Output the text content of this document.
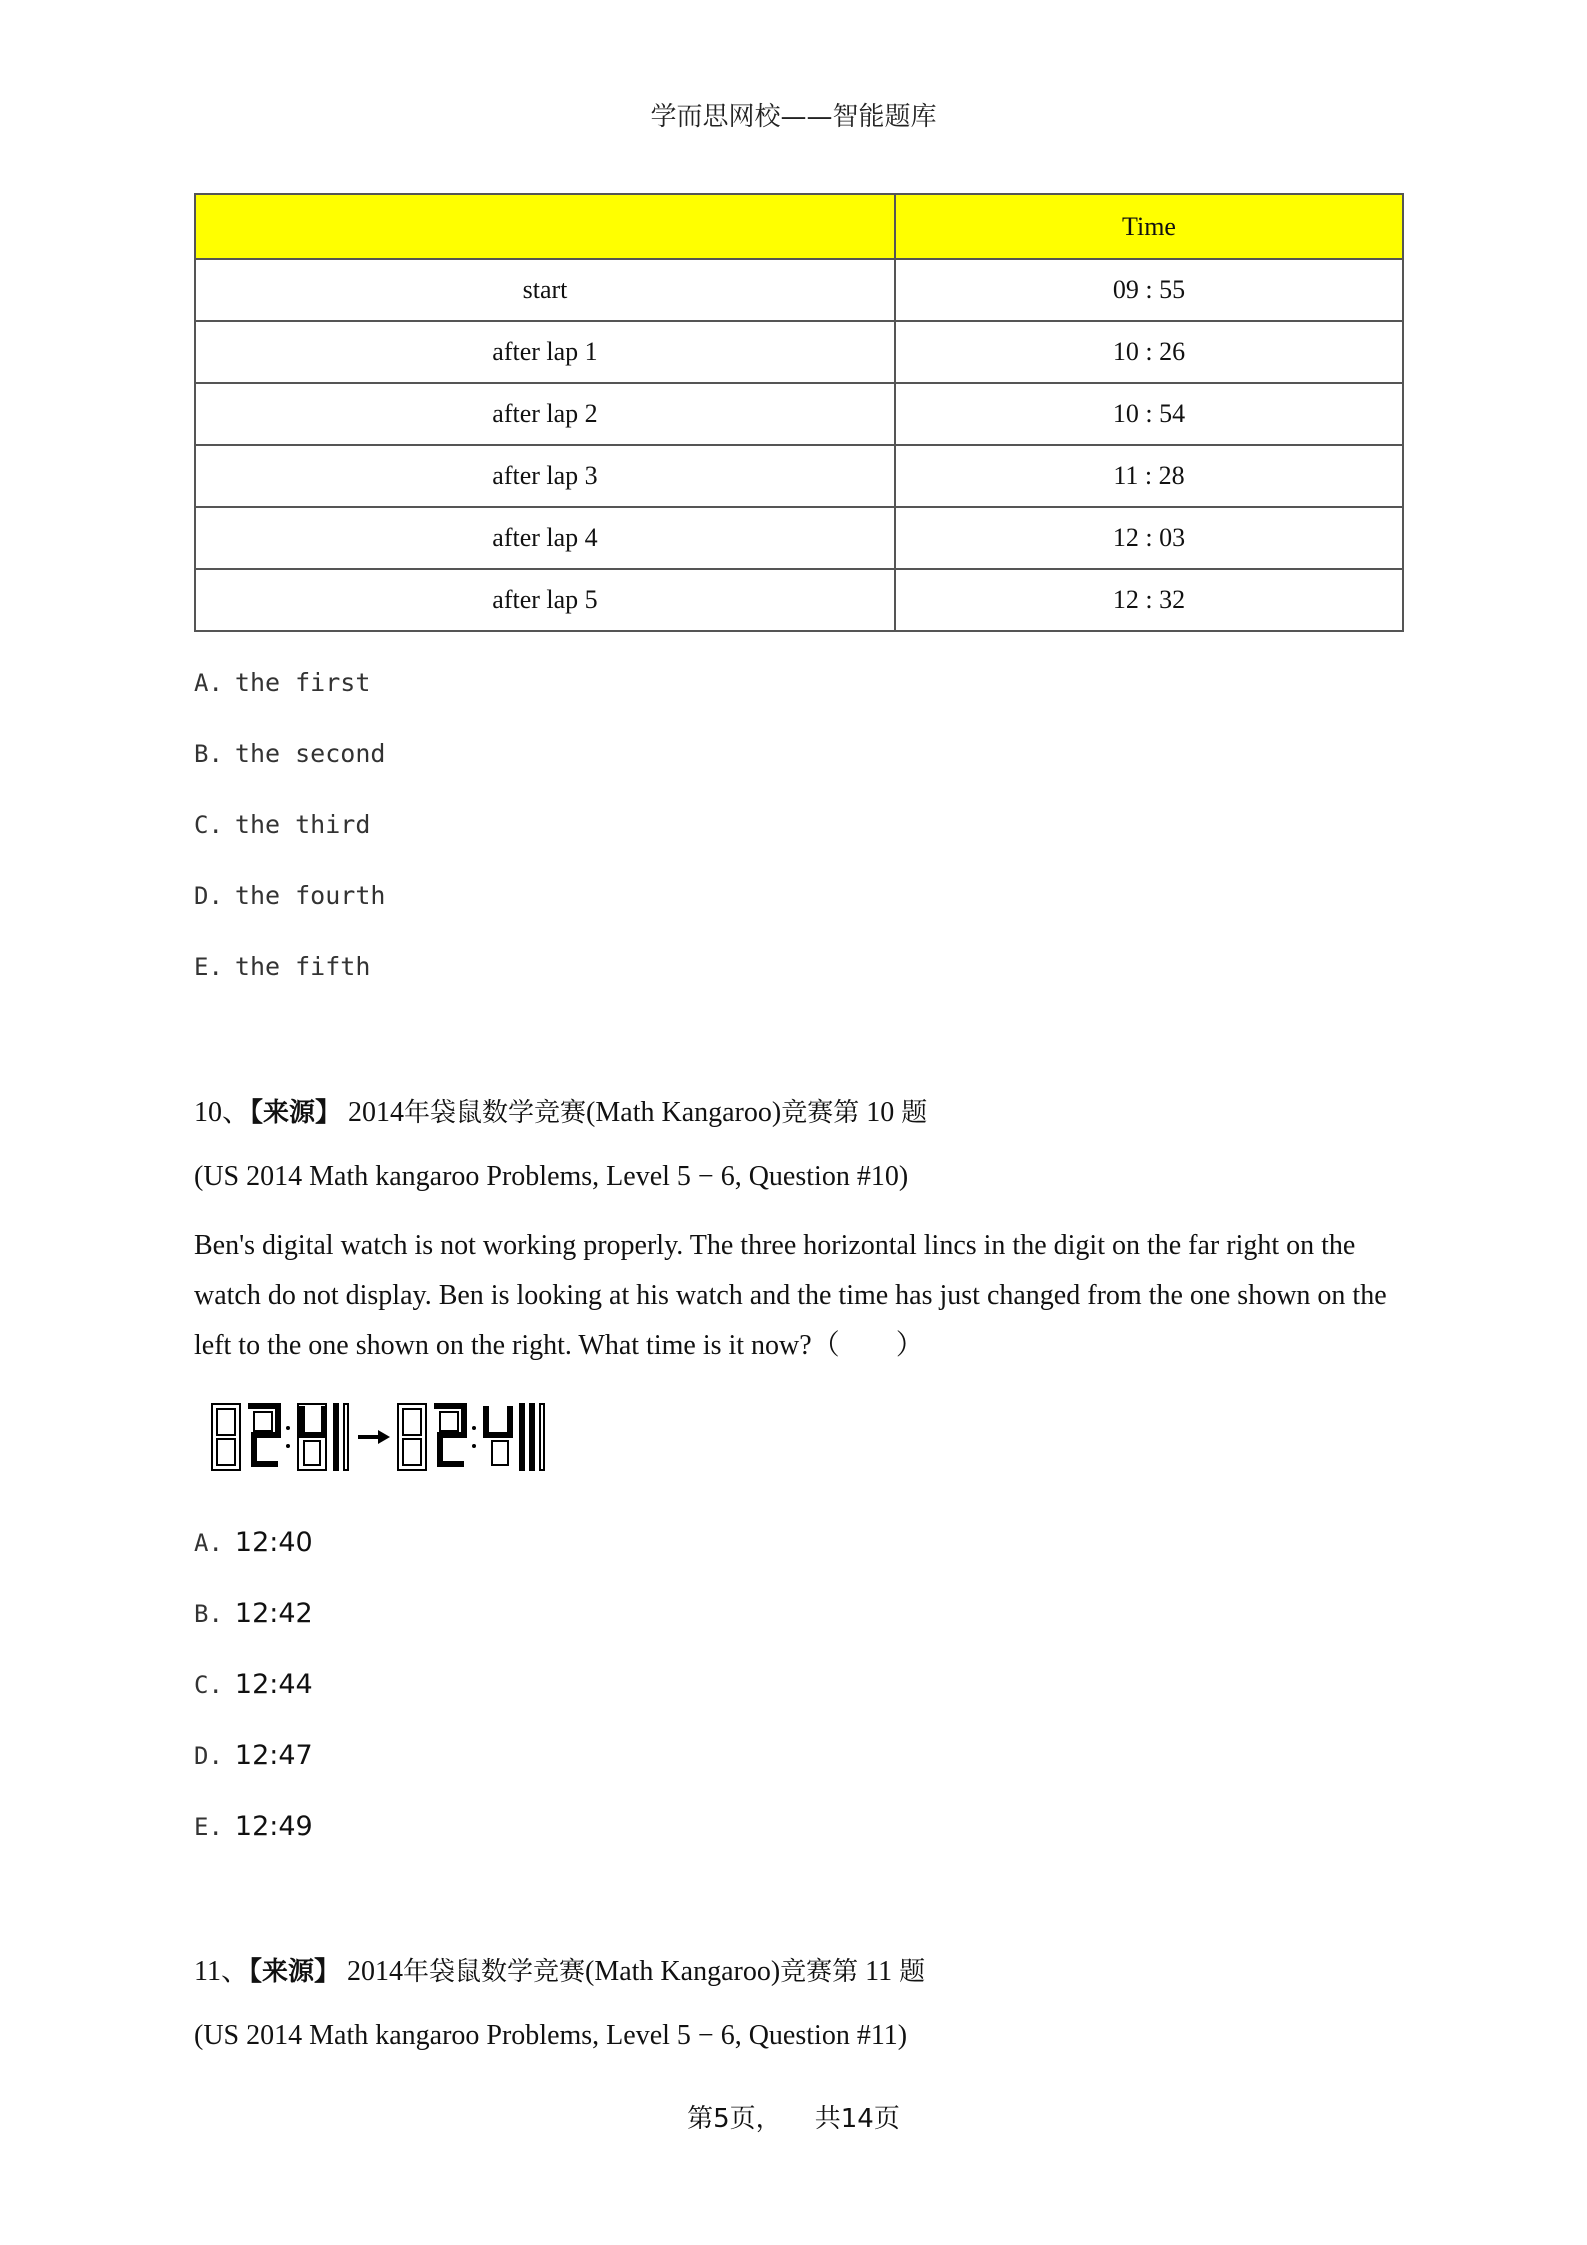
学而思网校——智能题库
	Time
start	09 : 55
after lap 1	10 : 26
after lap 2	10 : 54
after lap 3	11 : 28
after lap 4	12 : 03
after lap 5	12 : 32
A. the first
B. the second
C. the third
D. the fourth
E. the fifth
10、【来源】 2014年袋鼠数学竞赛(Math Kangaroo)竞赛第 10 题
(US 2014 Math kangaroo Problems, Level 5 − 6, Question #10)
Ben's digital watch is not working properly. The three horizontal lincs in the digit on the far right on the
watch do not display. Ben is looking at his watch and the time has just changed from the one shown on the
left to the one shown on the right. What time is it now?（　　）
A. 12:40
B. 12:42
C. 12:44
D. 12:47
E. 12:49
11、【来源】 2014年袋鼠数学竞赛(Math Kangaroo)竞赛第 11 题
(US 2014 Math kangaroo Problems, Level 5 − 6, Question #11)
第5页， 共14页
